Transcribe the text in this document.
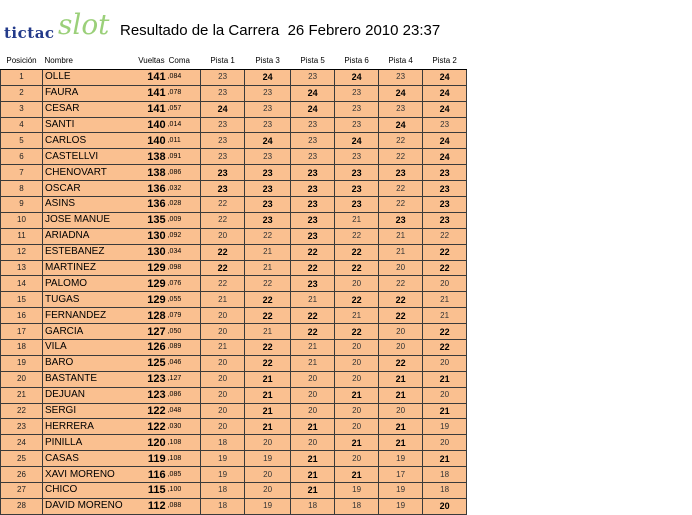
slot
tictac	Resultado de la Carrera  26 Febrero 2010 23:37
Posición	Nombre	Vueltas	Coma	Pista 1	Pista 3	Pista 5	Pista 6	Pista 4	Pista 2
1	OLLE	141	,084	23	24	23	24	23	24
2	FAURA	141	,078	23	23	24	23	24	24
3	CESAR	141	,057	24	23	24	23	23	24
4	SANTI	140	,014	23	23	23	23	24	23
5	CARLOS	140	,011	23	24	23	24	22	24
6	CASTELLVI	138	,091	23	23	23	23	22	24
7	CHENOVART	138	,086	23	23	23	23	23	23
8	OSCAR	136	,032	23	23	23	23	22	23
9	ASINS	136	,028	22	23	23	23	22	23
10	JOSE MANUE	135	,009	22	23	23	21	23	23
11	ARIADNA	130	,092	20	22	23	22	21	22
12	ESTEBANEZ	130	,034	22	21	22	22	21	22
13	MARTINEZ	129	,098	22	21	22	22	20	22
14	PALOMO	129	,076	22	22	23	20	22	20
15	TUGAS	129	,055	21	22	21	22	22	21
16	FERNANDEZ	128	,079	20	22	22	21	22	21
17	GARCIA	127	,050	20	21	22	22	20	22
18	VILA	126	,089	21	22	21	20	20	22
19	BARO	125	,046	20	22	21	20	22	20
20	BASTANTE	123	,127	20	21	20	20	21	21
21	DEJUAN	123	,086	20	21	20	21	21	20
22	SERGI	122	,048	20	21	20	20	20	21
23	HERRERA	122	,030	20	21	21	20	21	19
24	PINILLA	120	,108	18	20	20	21	21	20
25	CASAS	119	,108	19	19	21	20	19	21
26	XAVI MORENO	116	,085	19	20	21	21	17	18
27	CHICO	115	,100	18	20	21	19	19	18
28	DAVID MORENO	112	,088	18	19	18	18	19	20
